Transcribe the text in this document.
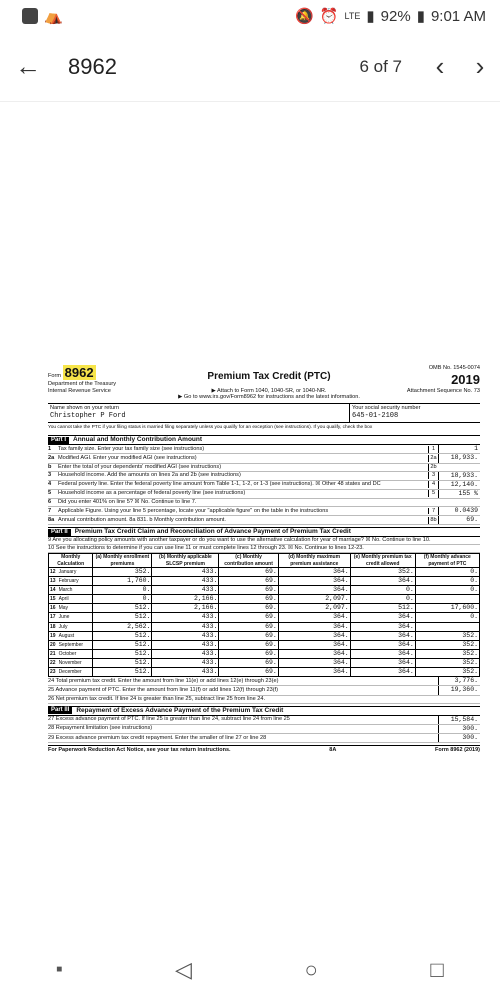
⛺	🔕 ⏰ LTE ▮ 92% ▮ 9:01 AM
←	8962	6 of 7	‹	›
Form 8962
Department of the Treasury
Internal Revenue Service
Premium Tax Credit (PTC)
▶ Attach to Form 1040, 1040-SR, or 1040-NR.
▶ Go to www.irs.gov/Form8962 for instructions and the latest information.
OMB No. 1545-0074
2019
Attachment Sequence No. 73
Name shown on your return
Christopher P Ford
Your social security number
645-01-2108
You cannot take the PTC if your filing status is married filing separately unless you qualify for an exception (see instructions). If you qualify, check the box
Part I	Annual and Monthly Contribution Amount
1	Tax family size. Enter your tax family size (see instructions)	1	1
2a Modified AGI. Enter your modified AGI (see instructions)	2a	18,933.
b	Enter the total of your dependents' modified AGI (see instructions)	2b
3	Household income. Add the amounts on lines 2a and 2b (see instructions)	3	18,933.
4	Federal poverty line. Enter the federal poverty line amount from Table 1-1, 1-2, or 1-3 (see instructions). ☒ Other 48 states and DC	4	12,140.
5	Household income as a percentage of federal poverty line (see instructions)	5	155 %
6	Did you enter 401% on line 5? ☒ No. Continue to line 7.
7	Applicable Figure. Using your line 5 percentage, locate your "applicable figure" on the table in the instructions	7	0.0439
8a Annual contribution amount. 8a 831. b Monthly contribution amount.	8b	69.
Part II	Premium Tax Credit Claim and Reconciliation of Advance Payment of Premium Tax Credit
9 Are you allocating policy amounts with another taxpayer or do you want to use the alternative calculation for year of marriage? ☒ No. Continue to line 10.
10 See the instructions to determine if you can use line 11 or must complete lines 12 through 23. ☒ No. Continue to lines 12-23.
Monthly Calculation	(a) Monthly enrollment premiums	(b) Monthly applicable SLCSP premium	(c) Monthly contribution amount	(d) Monthly maximum premium assistance	(e) Monthly premium tax credit allowed	(f) Monthly advance payment of PTC
12 January	352.	433.	69.	364.	352.	0.
13 February	1,760.	433.	69.	364.	364.	0.
14 March	0.	433.	69.	364.	0.	0.
15 April	0.	2,166.	69.	2,097.	0.	
16 May	512.	2,166.	69.	2,097.	512.	17,600.
17 June	512.	433.	69.	364.	364.	0.
18 July	2,562.	433.	69.	364.	364.	
19 August	512.	433.	69.	364.	364.	352.
20 September	512.	433.	69.	364.	364.	352.
21 October	512.	433.	69.	364.	364.	352.
22 November	512.	433.	69.	364.	364.	352.
23 December	512.	433.	69.	364.	364.	352.
24 Total premium tax credit. Enter the amount from line 11(e) or add lines 12(e) through 23(e)	3,776.
25 Advance payment of PTC. Enter the amount from line 11(f) or add lines 12(f) through 23(f)	19,360.
26 Net premium tax credit. If line 24 is greater than line 25, subtract line 25 from line 24.
Part III	Repayment of Excess Advance Payment of the Premium Tax Credit
27 Excess advance payment of PTC. If line 25 is greater than line 24, subtract line 24 from line 25	15,584.
28 Repayment limitation (see instructions)	300.
29 Excess advance premium tax credit repayment. Enter the smaller of line 27 or line 28	300.
For Paperwork Reduction Act Notice, see your tax return instructions.	8A	Form 8962 (2019)
■	◁	○	□
